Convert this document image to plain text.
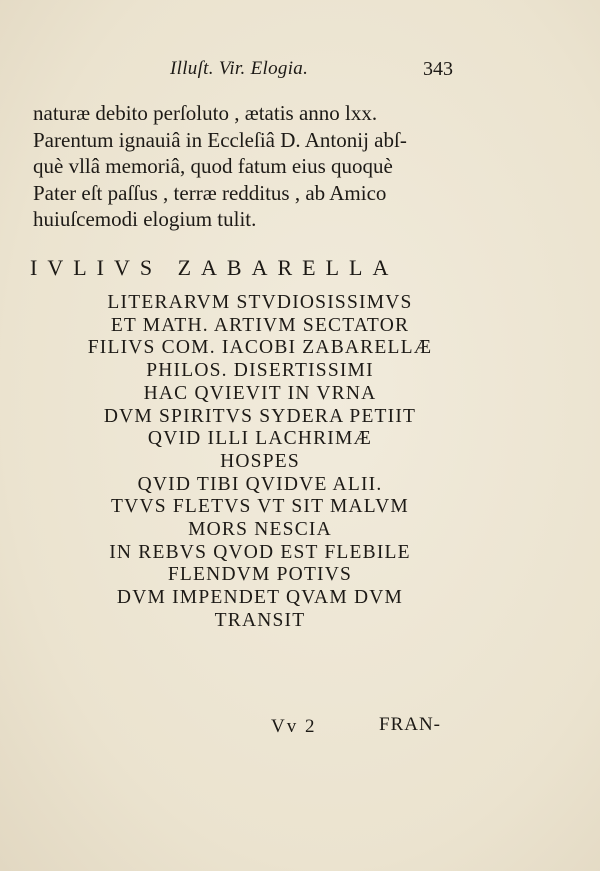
Illuſt. Vir. Elogia.	343
naturæ debito perſoluto , ætatis anno lxx.
Parentum ignauiâ in Eccleſiâ D. Antonij abſ-
què vllâ memoriâ, quod fatum eius quoquè
Pater eſt paſſus , terræ redditus , ab Amico
huiuſcemodi elogium tulit.
IVLIVS ZABARELLA
LITERARVM STVDIOSISSIMVS
ET MATH. ARTIVM SECTATOR
FILIVS COM. IACOBI ZABARELLÆ
PHILOS. DISERTISSIMI
HAC QVIEVIT IN VRNA
DVM SPIRITVS SYDERA PETIIT
QVID ILLI LACHRIMÆ
HOSPES
QVID TIBI QVIDVE ALII.
TVVS FLETVS VT SIT MALVM
MORS NESCIA
IN REBVS QVOD EST FLEBILE
FLENDVM POTIVS
DVM IMPENDET QVAM DVM
TRANSIT
Vv 2	FRAN-
